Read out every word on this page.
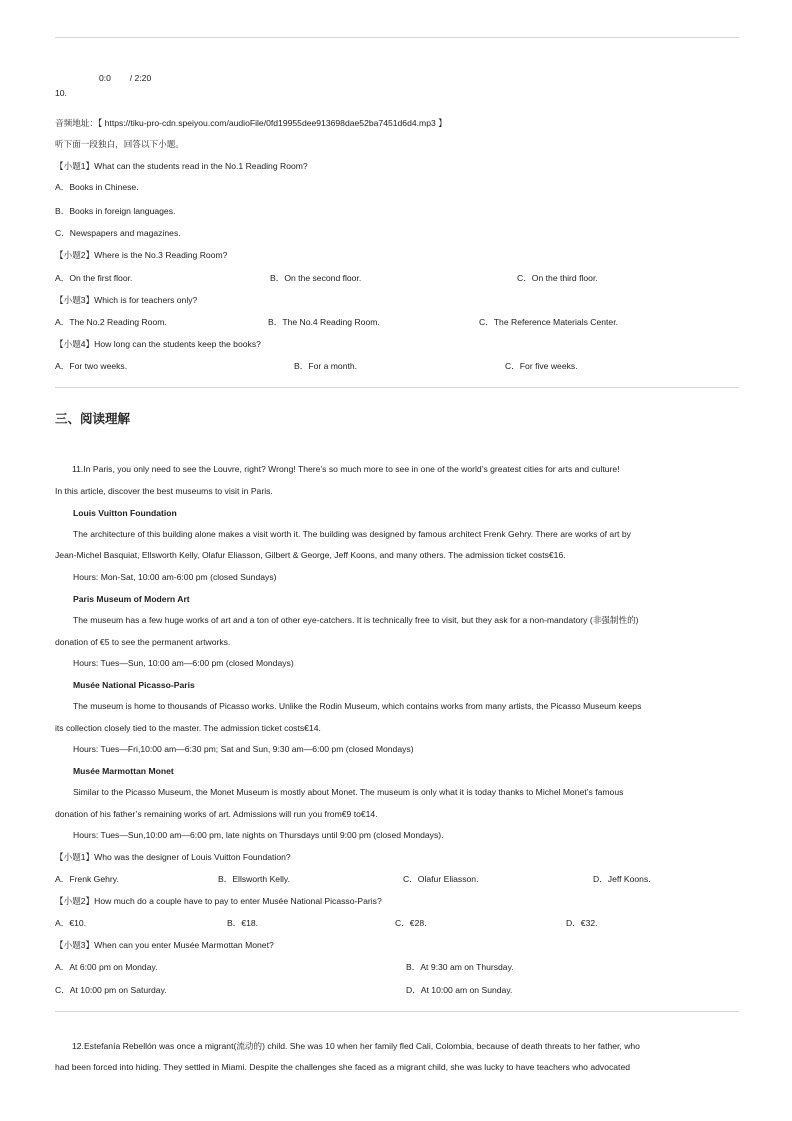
0:0 / 2:20
10.
音频地址：【 https://tiku-pro-cdn.speiyou.com/audioFile/0fd19955dee913698dae52ba7451d6d4.mp3 】
听下面一段独白，回答以下小题。
【小题1】What can the students read in the No.1 Reading Room?
A．Books in Chinese.
B．Books in foreign languages.
C．Newspapers and magazines.
【小题2】Where is the No.3 Reading Room?
A．On the first floor.	B．On the second floor.	C．On the third floor.
【小题3】Which is for teachers only?
A．The No.2 Reading Room.	B．The No.4 Reading Room.	C．The Reference Materials Center.
【小题4】How long can the students keep the books?
A．For two weeks.	B．For a month.	C．For five weeks.
三、阅读理解
11.In Paris, you only need to see the Louvre, right? Wrong! There’s so much more to see in one of the world’s greatest cities for arts and culture!
In this article, discover the best museums to visit in Paris.
Louis Vuitton Foundation
The architecture of this building alone makes a visit worth it. The building was designed by famous architect Frenk Gehry. There are works of art by
Jean-Michel Basquiat, Ellsworth Kelly, Olafur Eliasson, Gilbert & George, Jeff Koons, and many others. The admission ticket costs€16.
Hours: Mon-Sat, 10:00 am-6:00 pm (closed Sundays)
Paris Museum of Modern Art
The museum has a few huge works of art and a ton of other eye-catchers. It is technically free to visit, but they ask for a non-mandatory (非强制性的)
donation of €5 to see the permanent artworks.
Hours: Tues—Sun, 10:00 am—6:00 pm (closed Mondays)
Musée National Picasso-Paris
The museum is home to thousands of Picasso works. Unlike the Rodin Museum, which contains works from many artists, the Picasso Museum keeps
its collection closely tied to the master. The admission ticket costs€14.
Hours: Tues—Fri,10:00 am—6:30 pm; Sat and Sun, 9:30 am—6:00 pm (closed Mondays)
Musée Marmottan Monet
Similar to the Picasso Museum, the Monet Museum is mostly about Monet. The museum is only what it is today thanks to Michel Monet’s famous
donation of his father’s remaining works of art. Admissions will run you from€9 to€14.
Hours: Tues—Sun,10:00 am—6:00 pm, late nights on Thursdays until 9:00 pm (closed Mondays).
【小题1】Who was the designer of Louis Vuitton Foundation?
A．Frenk Gehry.	B．Ellsworth Kelly.	C．Olafur Eliasson.	D．Jeff Koons.
【小题2】How much do a couple have to pay to enter Musée National Picasso-Paris?
A．€10.	B．€18.	C．€28.	D．€32.
【小题3】When can you enter Musée Marmottan Monet?
A．At 6:00 pm on Monday.	B．At 9:30 am on Thursday.
C．At 10:00 pm on Saturday.	D．At 10:00 am on Sunday.
12.Estefanía Rebellón was once a migrant(流动的) child. She was 10 when her family fled Cali, Colombia, because of death threats to her father, who
had been forced into hiding. They settled in Miami. Despite the challenges she faced as a migrant child, she was lucky to have teachers who advocated
